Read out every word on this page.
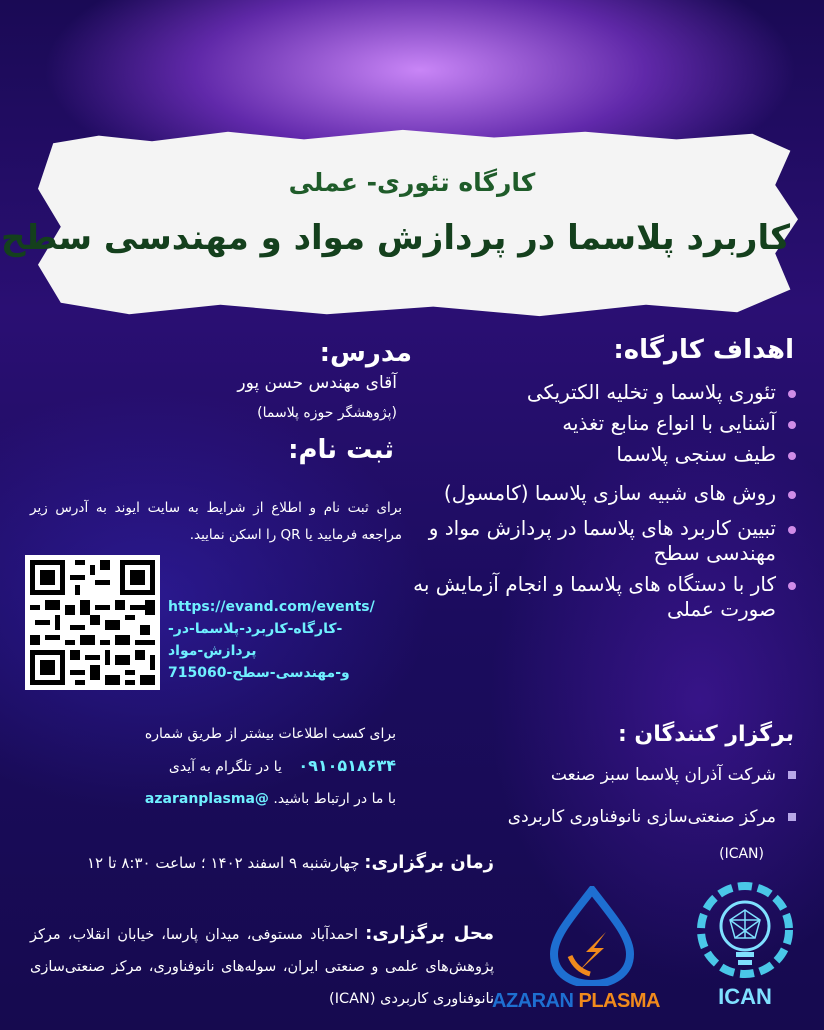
کارگاه تئوری- عملی
کاربرد پلاسما در پردازش مواد و مهندسی سطح
اهداف کارگاه:
تئوری پلاسما و تخلیه الکتریکی
آشنایی با انواع منابع تغذیه
طیف سنجی پلاسما
روش های شبیه سازی پلاسما (کامسول)
تبیین کاربرد های پلاسما در پردازش مواد و مهندسی سطح
کار با دستگاه های پلاسما و انجام آزمایش به صورت عملی
مدرس:
آقای مهندس حسن پور
(پژوهشگر حوزه پلاسما)
ثبت نام:
برای ثبت نام و اطلاع از شرایط به سایت ایوند به آدرس زیر مراجعه فرمایید یا QR را اسکن نمایید.
https://evand.com/events/
-کارگاه-کاربرد-پلاسما-در-پردازش-مواد
و-مهندسی-سطح-715060
برای کسب اطلاعات بیشتر از طریق شماره
۰۹۱۰۵۱۸۶۳۴ یا در تلگرام به آیدی
با ما در ارتباط باشید. @azaranplasma
برگزار کنندگان :
شرکت آذران پلاسما سبز صنعت
مرکز صنعتی‌سازی نانوفناوری کاربردی
(ICAN)
زمان برگزاری: چهارشنبه ۹ اسفند ۱۴۰۲ ؛ ساعت ۸:۳۰ تا ۱۲
محل برگزاری: احمدآباد مستوفی، میدان پارسا، خیابان انقلاب، مرکز پژوهش‌های علمی و صنعتی ایران، سوله‌های نانوفناوری، مرکز صنعتی‌سازی نانوفناوری کاربردی (ICAN)
AZARAN PLASMA	ICAN
